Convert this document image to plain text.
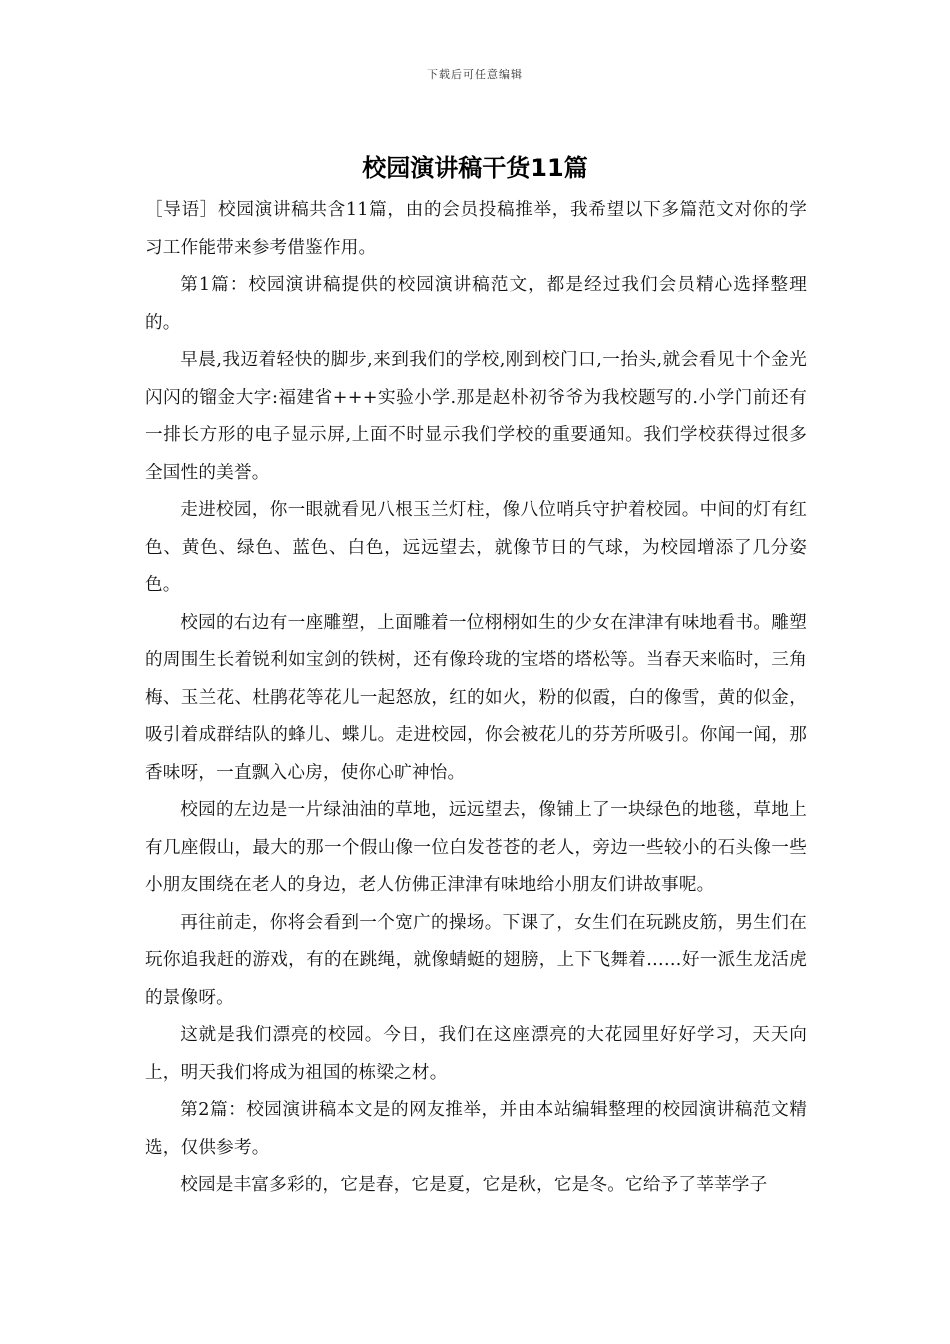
下载后可任意编辑
校园演讲稿干货11篇

［导语］校园演讲稿共含11篇，由的会员投稿推举，我希望以下多篇范文对你的学习工作能带来参考借鉴作用。

第1篇：校园演讲稿提供的校园演讲稿范文，都是经过我们会员精心选择整理的。

早晨,我迈着轻快的脚步,来到我们的学校,刚到校门口,一抬头,就会看见十个金光闪闪的镏金大字:福建省+++实验小学.那是赵朴初爷爷为我校题写的.小学门前还有一排长方形的电子显示屏,上面不时显示我们学校的重要通知。我们学校获得过很多全国性的美誉。

走进校园，你一眼就看见八根玉兰灯柱，像八位哨兵守护着校园。中间的灯有红色、黄色、绿色、蓝色、白色，远远望去，就像节日的气球，为校园增添了几分姿色。

校园的右边有一座雕塑，上面雕着一位栩栩如生的少女在津津有味地看书。雕塑的周围生长着锐利如宝剑的铁树，还有像玲珑的宝塔的塔松等。当春天来临时，三角梅、玉兰花、杜鹃花等花儿一起怒放，红的如火，粉的似霞，白的像雪，黄的似金，吸引着成群结队的蜂儿、蝶儿。走进校园，你会被花儿的芬芳所吸引。你闻一闻，那香味呀，一直飘入心房，使你心旷神怡。

校园的左边是一片绿油油的草地，远远望去，像铺上了一块绿色的地毯，草地上有几座假山，最大的那一个假山像一位白发苍苍的老人，旁边一些较小的石头像一些小朋友围绕在老人的身边，老人仿佛正津津有味地给小朋友们讲故事呢。

再往前走，你将会看到一个宽广的操场。下课了，女生们在玩跳皮筋，男生们在玩你追我赶的游戏，有的在跳绳，就像蜻蜓的翅膀，上下飞舞着……好一派生龙活虎的景像呀。

这就是我们漂亮的校园。今日，我们在这座漂亮的大花园里好好学习，天天向上，明天我们将成为祖国的栋梁之材。

第2篇：校园演讲稿本文是的网友推举，并由本站编辑整理的校园演讲稿范文精选，仅供参考。

校园是丰富多彩的，它是春，它是夏，它是秋，它是冬。它给予了莘莘学子
